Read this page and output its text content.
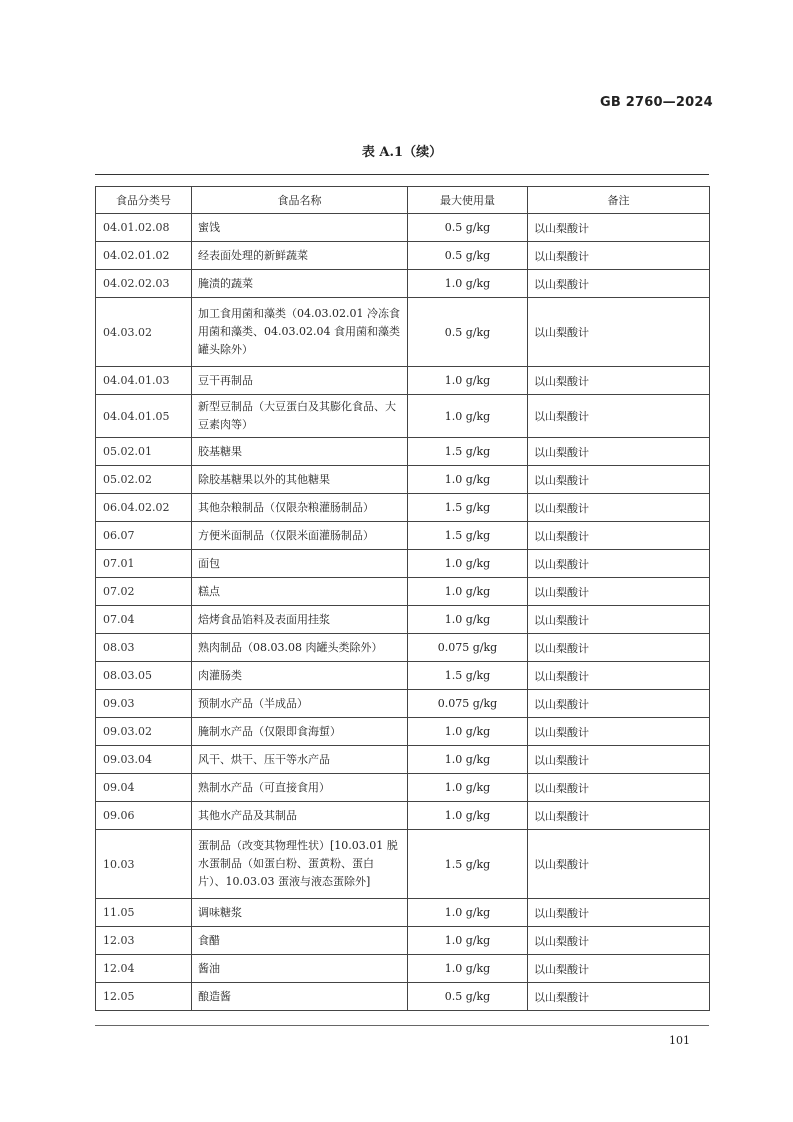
GB 2760—2024
表 A.1（续）
食品分类号	食品名称	最大使用量	备注
04.01.02.08	蜜饯	0.5 g/kg	以山梨酸计
04.02.01.02	经表面处理的新鲜蔬菜	0.5 g/kg	以山梨酸计
04.02.02.03	腌渍的蔬菜	1.0 g/kg	以山梨酸计
04.03.02	加工食用菌和藻类（04.03.02.01 冷冻食用菌和藻类、04.03.02.04 食用菌和藻类罐头除外）	0.5 g/kg	以山梨酸计
04.04.01.03	豆干再制品	1.0 g/kg	以山梨酸计
04.04.01.05	新型豆制品（大豆蛋白及其膨化食品、大豆素肉等）	1.0 g/kg	以山梨酸计
05.02.01	胶基糖果	1.5 g/kg	以山梨酸计
05.02.02	除胶基糖果以外的其他糖果	1.0 g/kg	以山梨酸计
06.04.02.02	其他杂粮制品（仅限杂粮灌肠制品）	1.5 g/kg	以山梨酸计
06.07	方便米面制品（仅限米面灌肠制品）	1.5 g/kg	以山梨酸计
07.01	面包	1.0 g/kg	以山梨酸计
07.02	糕点	1.0 g/kg	以山梨酸计
07.04	焙烤食品馅料及表面用挂浆	1.0 g/kg	以山梨酸计
08.03	熟肉制品（08.03.08 肉罐头类除外）	0.075 g/kg	以山梨酸计
08.03.05	肉灌肠类	1.5 g/kg	以山梨酸计
09.03	预制水产品（半成品）	0.075 g/kg	以山梨酸计
09.03.02	腌制水产品（仅限即食海蜇）	1.0 g/kg	以山梨酸计
09.03.04	风干、烘干、压干等水产品	1.0 g/kg	以山梨酸计
09.04	熟制水产品（可直接食用）	1.0 g/kg	以山梨酸计
09.06	其他水产品及其制品	1.0 g/kg	以山梨酸计
10.03	蛋制品（改变其物理性状）[10.03.01 脱水蛋制品（如蛋白粉、蛋黄粉、蛋白片）、10.03.03 蛋液与液态蛋除外]	1.5 g/kg	以山梨酸计
11.05	调味糖浆	1.0 g/kg	以山梨酸计
12.03	食醋	1.0 g/kg	以山梨酸计
12.04	酱油	1.0 g/kg	以山梨酸计
12.05	酿造酱	0.5 g/kg	以山梨酸计
101
